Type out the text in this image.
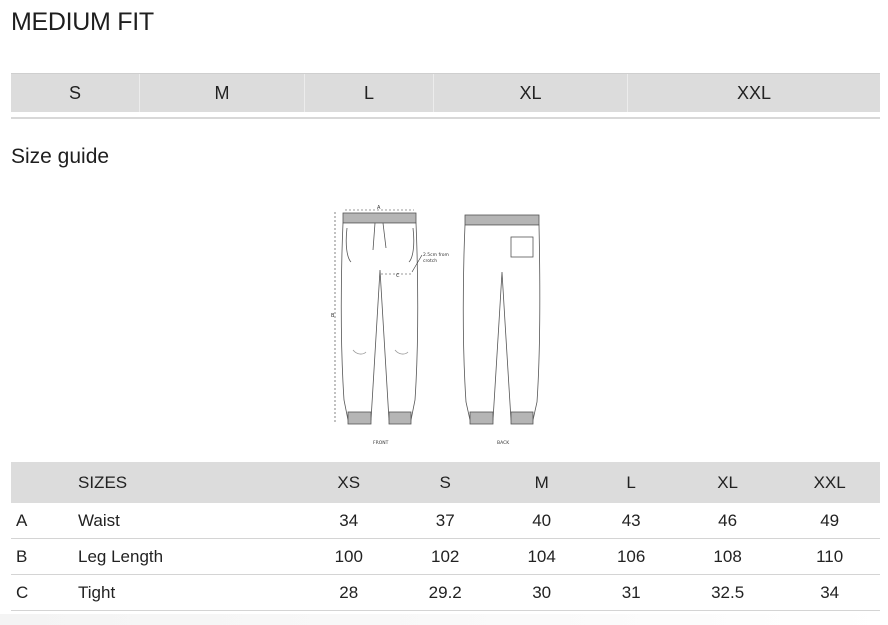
MEDIUM FIT
S	M	L	XL	XXL
Size guide
A
B
C
2.5cm from
crotch
FRONT	BACK
	SIZES	XS	S	M	L	XL	XXL
A	Waist	34	37	40	43	46	49
B	Leg Length	100	102	104	106	108	110
C	Tight	28	29.2	30	31	32.5	34
